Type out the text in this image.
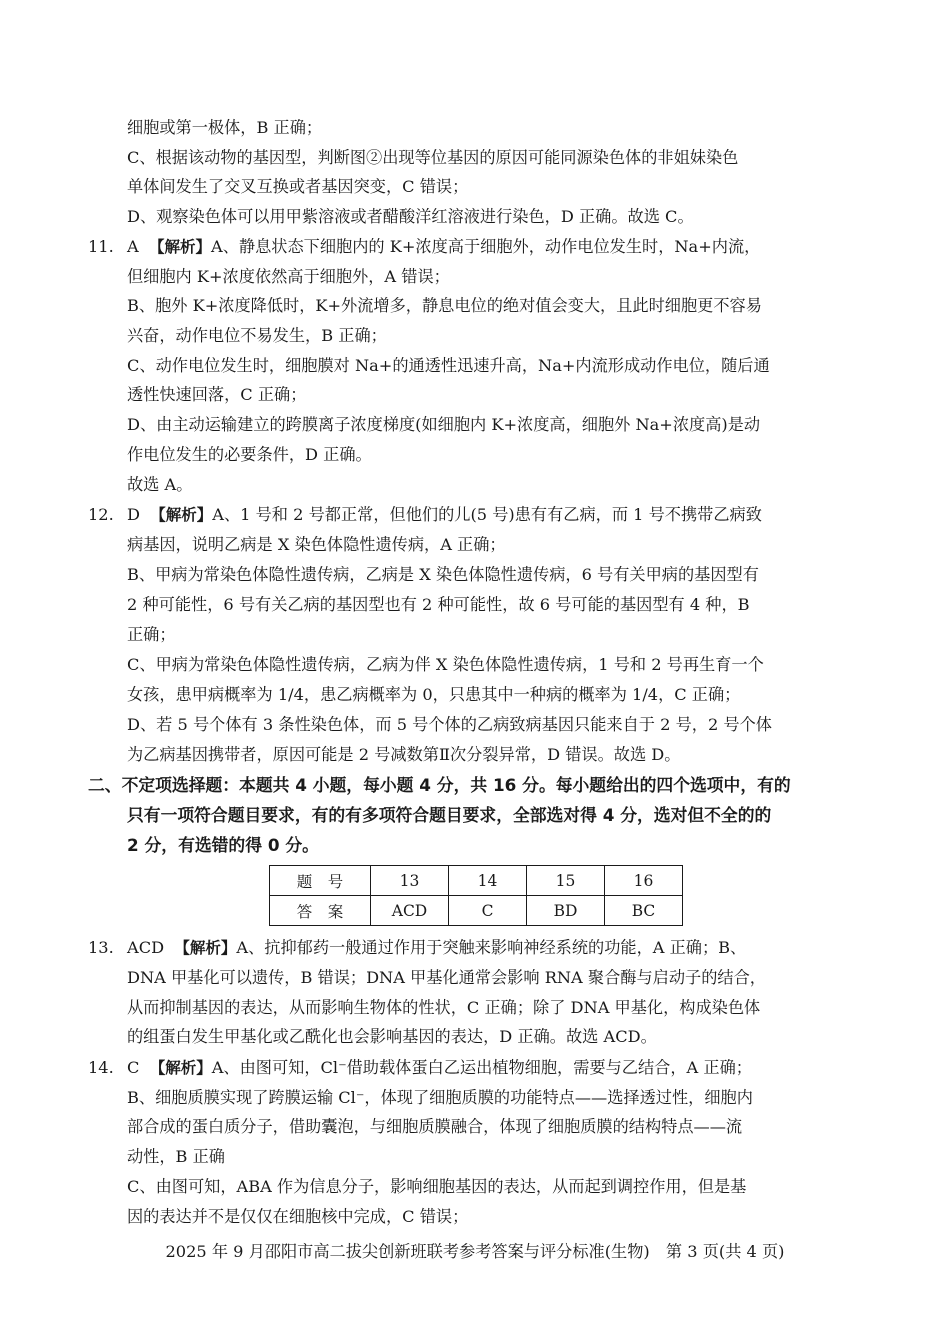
细胞或第一极体，B 正确；
C、根据该动物的基因型，判断图②出现等位基因的原因可能同源染色体的非姐妹染色
单体间发生了交叉互换或者基因突变，C 错误；
D、观察染色体可以用甲紫溶液或者醋酸洋红溶液进行染色，D 正确。故选 C。
11. A 【解析】A、静息状态下细胞内的 K+浓度高于细胞外，动作电位发生时，Na+内流，
但细胞内 K+浓度依然高于细胞外，A 错误；
B、胞外 K+浓度降低时，K+外流增多，静息电位的绝对值会变大，且此时细胞更不容易
兴奋，动作电位不易发生，B 正确；
C、动作电位发生时，细胞膜对 Na+的通透性迅速升高，Na+内流形成动作电位，随后通
透性快速回落，C 正确；
D、由主动运输建立的跨膜离子浓度梯度(如细胞内 K+浓度高，细胞外 Na+浓度高)是动
作电位发生的必要条件，D 正确。
故选 A。
12. D 【解析】A、1 号和 2 号都正常，但他们的儿(5 号)患有有乙病，而 1 号不携带乙病致
病基因，说明乙病是 X 染色体隐性遗传病，A 正确；
B、甲病为常染色体隐性遗传病，乙病是 X 染色体隐性遗传病，6 号有关甲病的基因型有
2 种可能性，6 号有关乙病的基因型也有 2 种可能性，故 6 号可能的基因型有 4 种，B
正确；
C、甲病为常染色体隐性遗传病，乙病为伴 X 染色体隐性遗传病，1 号和 2 号再生育一个
女孩，患甲病概率为 1/4，患乙病概率为 0，只患其中一种病的概率为 1/4，C 正确；
D、若 5 号个体有 3 条性染色体，而 5 号个体的乙病致病基因只能来自于 2 号，2 号个体
为乙病基因携带者，原因可能是 2 号减数第Ⅱ次分裂异常，D 错误。故选 D。
二、不定项选择题：本题共 4 小题，每小题 4 分，共 16 分。每小题给出的四个选项中，有的
只有一项符合题目要求，有的有多项符合题目要求，全部选对得 4 分，选对但不全的的
2 分，有选错的得 0 分。
题　号	13	14	15	16
答　案	ACD	C	BD	BC
13. ACD 【解析】A、抗抑郁药一般通过作用于突触来影响神经系统的功能，A 正确；B、
DNA 甲基化可以遗传，B 错误；DNA 甲基化通常会影响 RNA 聚合酶与启动子的结合，
从而抑制基因的表达，从而影响生物体的性状，C 正确；除了 DNA 甲基化，构成染色体
的组蛋白发生甲基化或乙酰化也会影响基因的表达，D 正确。故选 ACD。
14. C 【解析】A、由图可知，Cl⁻借助载体蛋白乙运出植物细胞，需要与乙结合，A 正确；
B、细胞质膜实现了跨膜运输 Cl⁻，体现了细胞质膜的功能特点——选择透过性，细胞内
部合成的蛋白质分子，借助囊泡，与细胞质膜融合，体现了细胞质膜的结构特点——流
动性，B 正确
C、由图可知，ABA 作为信息分子，影响细胞基因的表达，从而起到调控作用，但是基
因的表达并不是仅仅在细胞核中完成，C 错误；
2025 年 9 月邵阳市高二拔尖创新班联考参考答案与评分标准(生物)　第 3 页(共 4 页)
